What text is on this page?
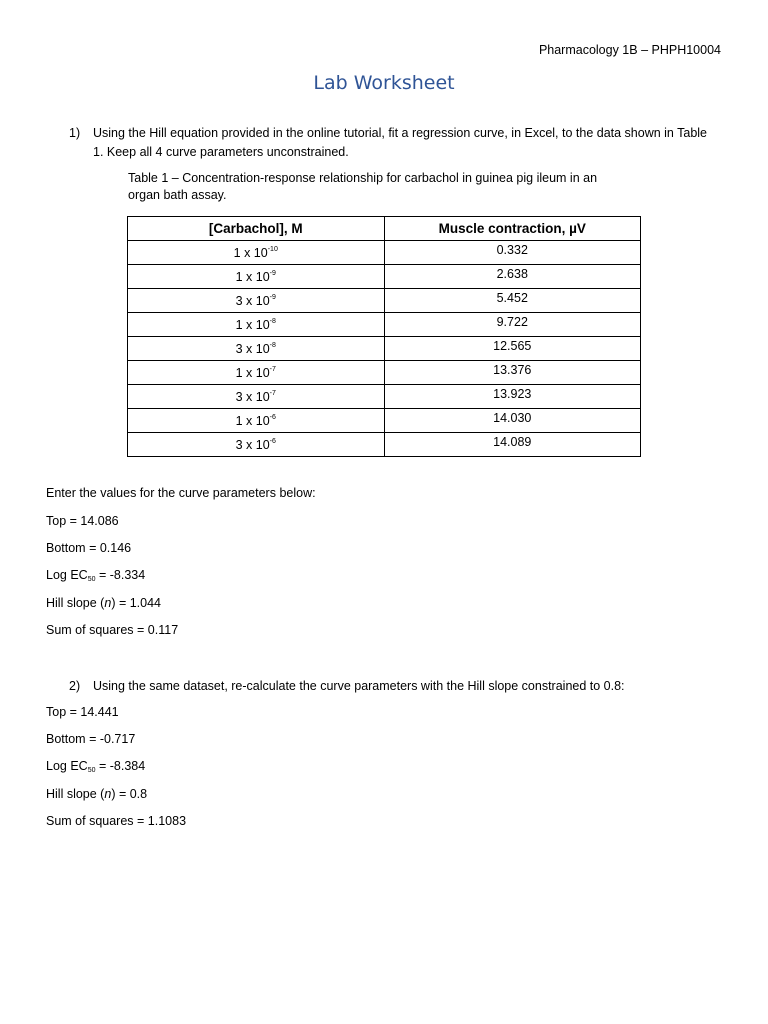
Pharmacology 1B – PHPH10004
Lab Worksheet
1) Using the Hill equation provided in the online tutorial, fit a regression curve, in Excel, to the data shown in Table 1. Keep all 4 curve parameters unconstrained.
Table 1 – Concentration-response relationship for carbachol in guinea pig ileum in an organ bath assay.
[Carbachol], M	Muscle contraction, µV
1 x $10^{-10}$	0.332
1 x $10^{-9}$	2.638
3 x $10^{-9}$	5.452
1 x $10^{-8}$	9.722
3 x $10^{-8}$	12.565
1 x $10^{-7}$	13.376
3 x $10^{-7}$	13.923
1 x $10^{-6}$	14.030
3 x $10^{-6}$	14.089
Enter the values for the curve parameters below:
Top = 14.086
Bottom = 0.146
Log $EC_{50} = -8.334$
Hill slope (n) = 1.044
Sum of squares = 0.117
2) Using the same dataset, re-calculate the curve parameters with the Hill slope constrained to 0.8:
Top = 14.441
Bottom = -0.717
Log $EC_{50} = -8.384$
Hill slope (n) = 0.8
Sum of squares = 1.1083
